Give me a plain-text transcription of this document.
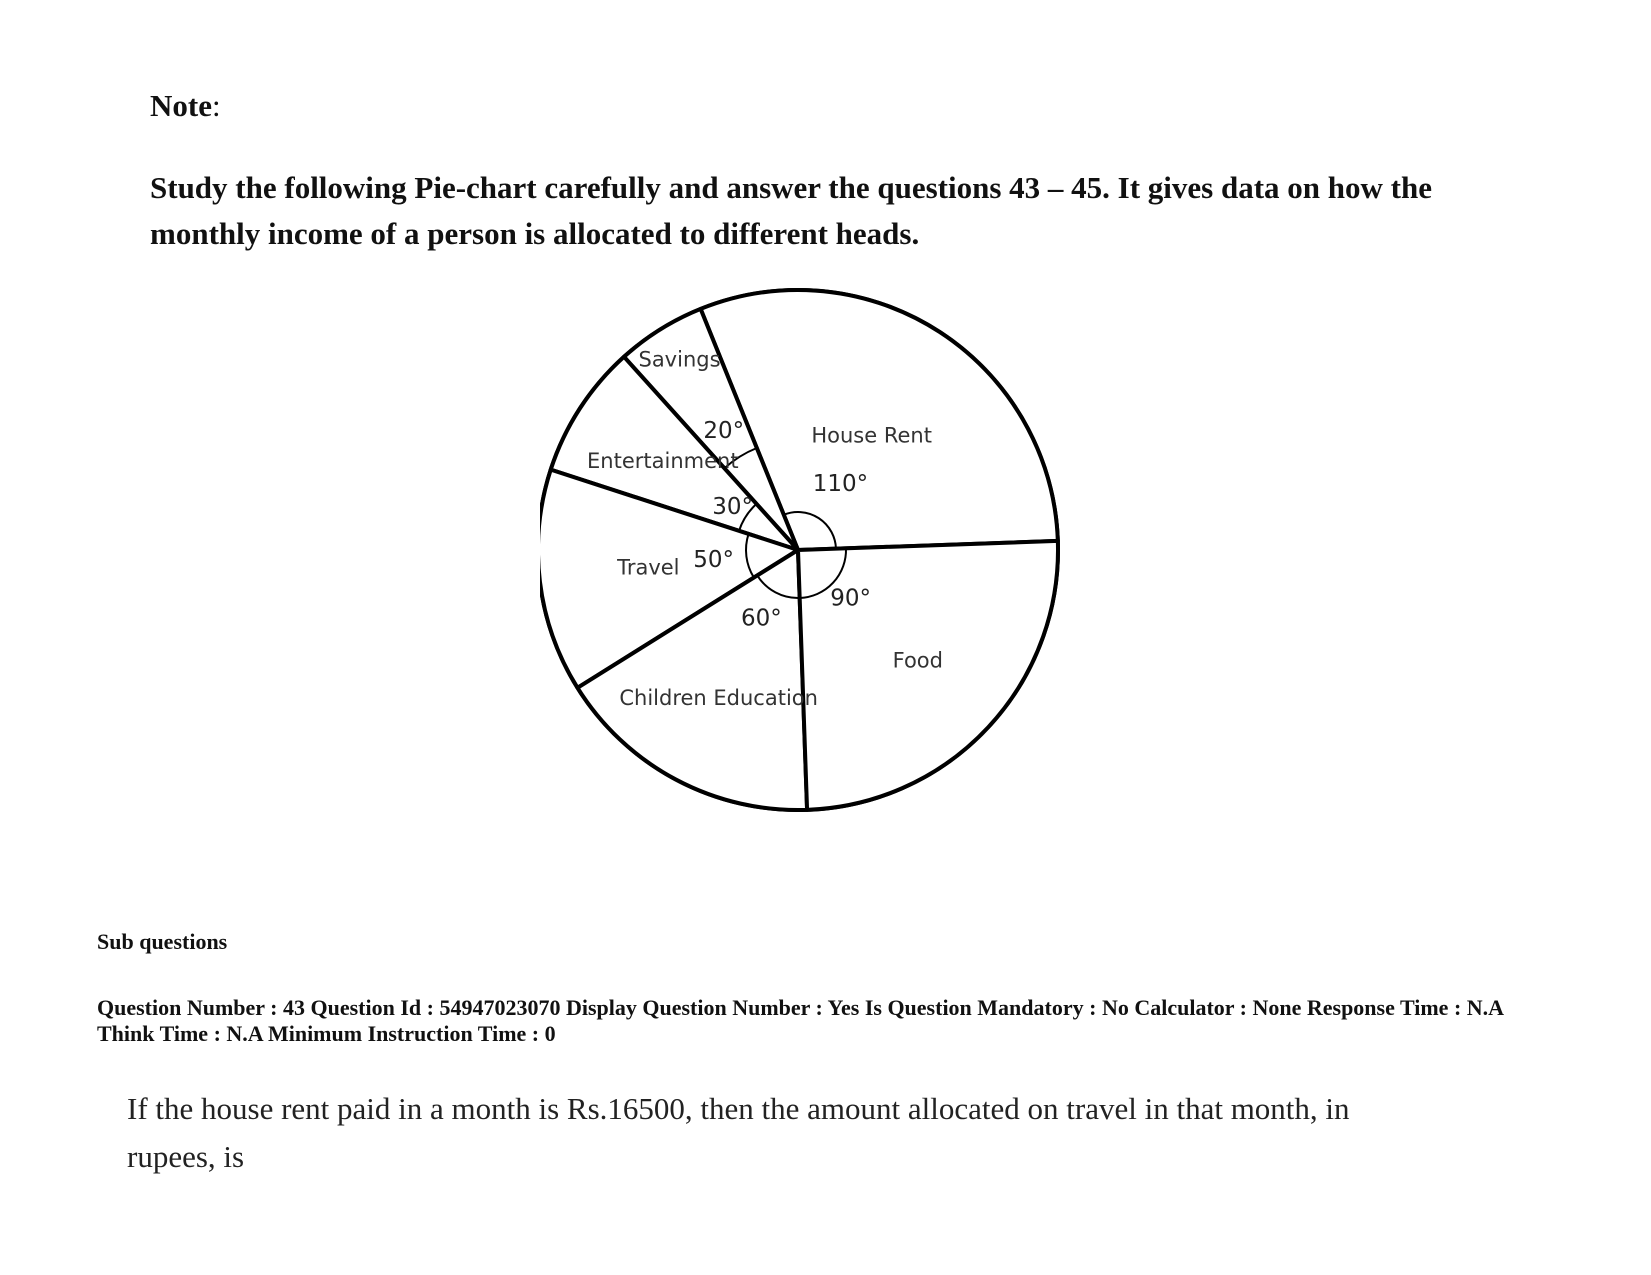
Note:
Study the following Pie-chart carefully and answer the questions 43 – 45. It gives data on how the monthly income of a person is allocated to different heads.
110°
House Rent
20°
Savings
30°
Entertainment
50°
Travel
60°
Children Education
90°
Food
Sub questions
Question Number : 43 Question Id : 54947023070 Display Question Number : Yes Is Question Mandatory : No Calculator : None Response Time : N.A Think Time : N.A Minimum Instruction Time : 0
If the house rent paid in a month is Rs.16500, then the amount allocated on travel in that month, in rupees, is
